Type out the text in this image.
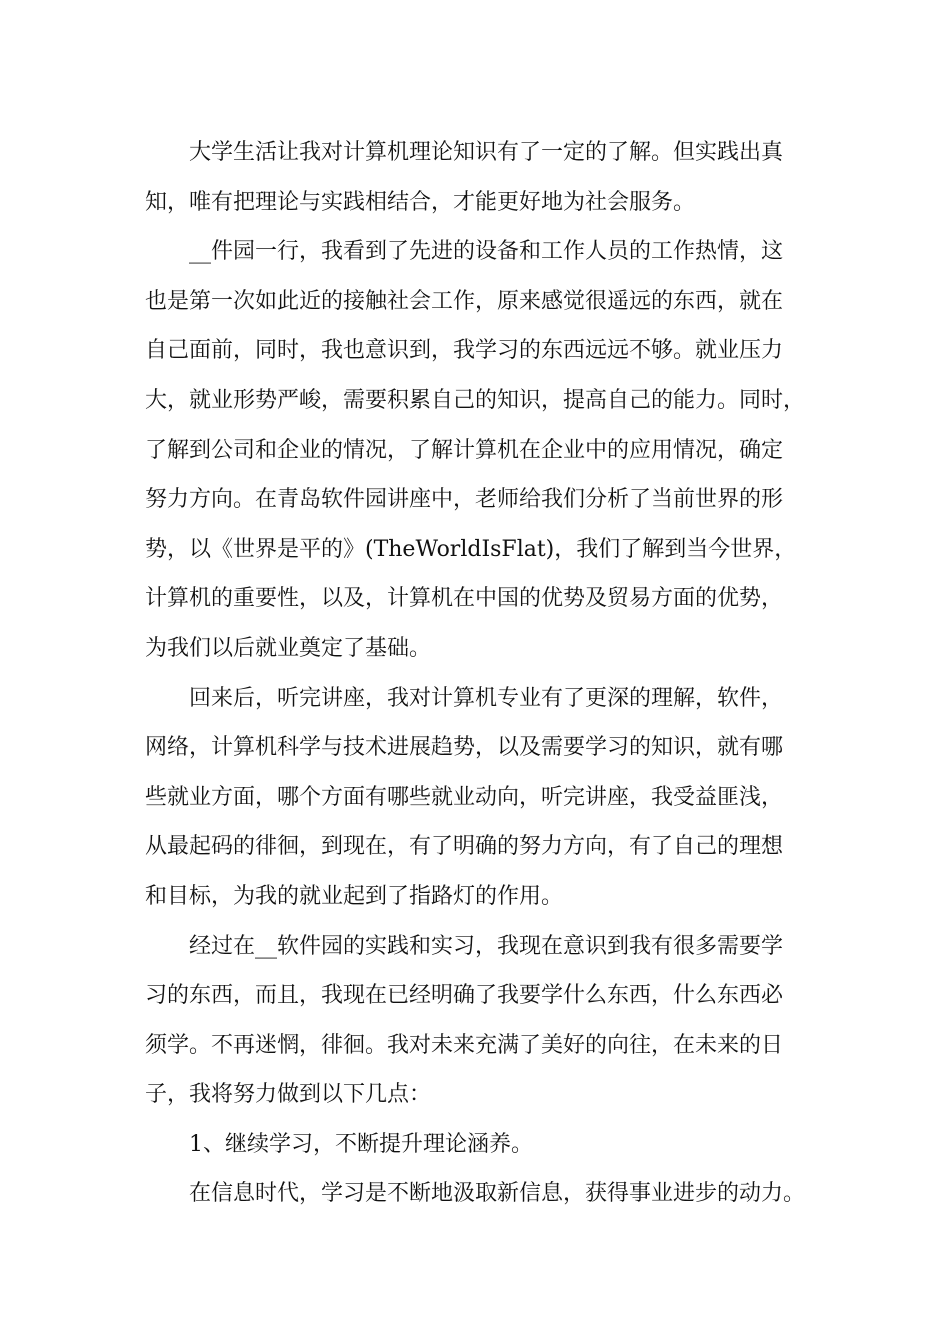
大学生活让我对计算机理论知识有了一定的了解。但实践出真
知，唯有把理论与实践相结合，才能更好地为社会服务。
__件园一行，我看到了先进的设备和工作人员的工作热情，这
也是第一次如此近的接触社会工作，原来感觉很遥远的东西，就在
自己面前，同时，我也意识到，我学习的东西远远不够。就业压力
大，就业形势严峻，需要积累自己的知识，提高自己的能力。同时，
了解到公司和企业的情况，了解计算机在企业中的应用情况，确定
努力方向。在青岛软件园讲座中，老师给我们分析了当前世界的形
势，以《世界是平的》(TheWorldIsFlat)，我们了解到当今世界，
计算机的重要性，以及，计算机在中国的优势及贸易方面的优势，
为我们以后就业奠定了基础。
回来后，听完讲座，我对计算机专业有了更深的理解，软件，
网络，计算机科学与技术进展趋势，以及需要学习的知识，就有哪
些就业方面，哪个方面有哪些就业动向，听完讲座，我受益匪浅，
从最起码的徘徊，到现在，有了明确的努力方向，有了自己的理想
和目标，为我的就业起到了指路灯的作用。
经过在__软件园的实践和实习，我现在意识到我有很多需要学
习的东西，而且，我现在已经明确了我要学什么东西，什么东西必
须学。不再迷惘，徘徊。我对未来充满了美好的向往，在未来的日
子，我将努力做到以下几点：
1、继续学习，不断提升理论涵养。
在信息时代，学习是不断地汲取新信息，获得事业进步的动力。
